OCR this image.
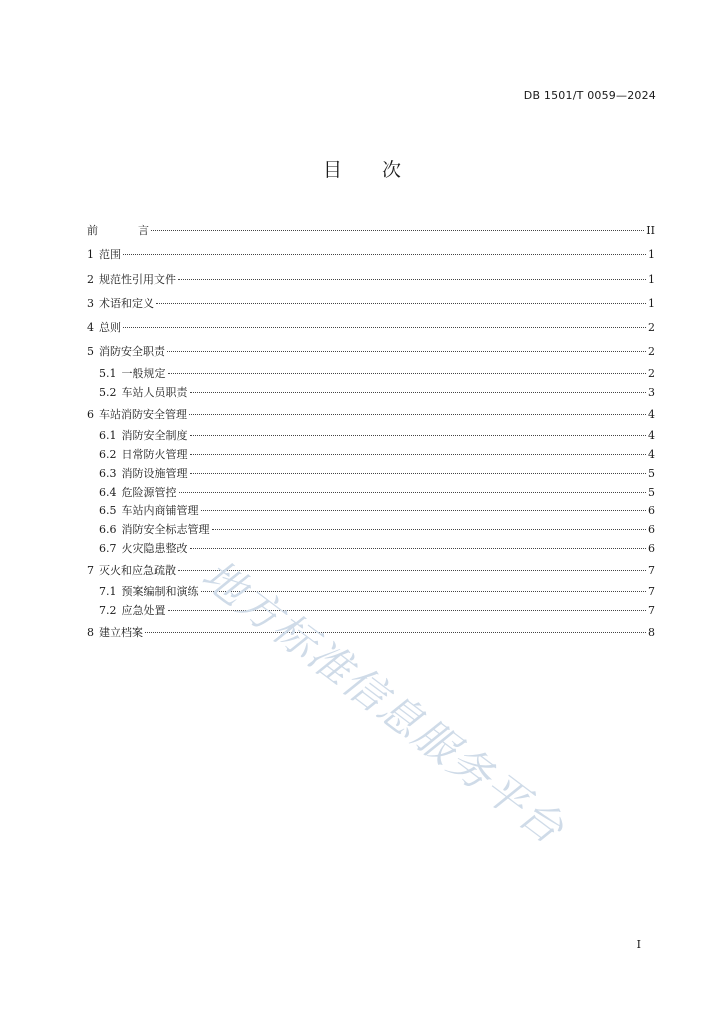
DB 1501/T 0059—2024
目 次
前	言	II
1 范围	1
2 规范性引用文件	1
3 术语和定义	1
4 总则	2
5 消防安全职责	2
5.1 一般规定	2
5.2 车站人员职责	3
6 车站消防安全管理	4
6.1 消防安全制度	4
6.2 日常防火管理	4
6.3 消防设施管理	5
6.4 危险源管控	5
6.5 车站内商铺管理	6
6.6 消防安全标志管理	6
6.7 火灾隐患整改	6
7 灭火和应急疏散	7
7.1 预案编制和演练	7
7.2 应急处置	7
8 建立档案	8
地方标准信息服务平台
I
